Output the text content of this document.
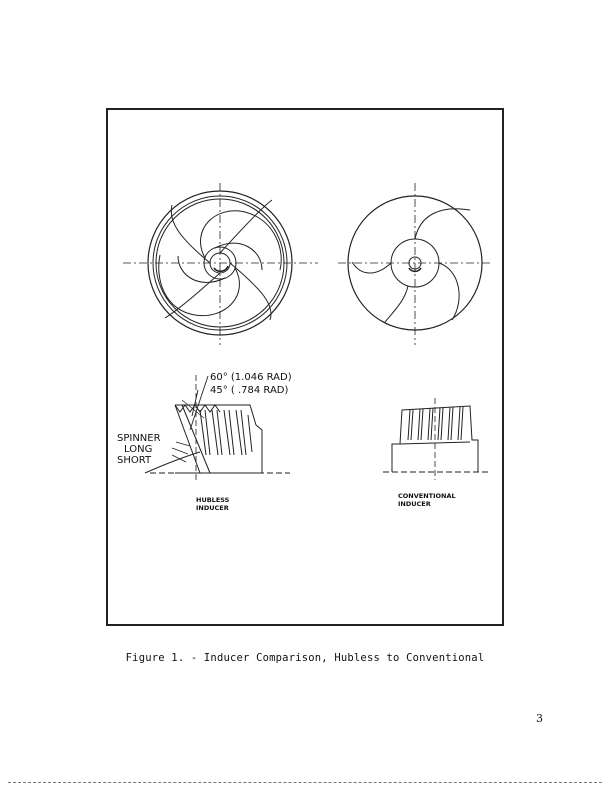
60° (1.046 RAD)
45° ( .784 RAD)
SPINNER
LONG
SHORT
HUBLESS
INDUCER
CONVENTIONAL
INDUCER
Figure 1. - Inducer Comparison, Hubless to Conventional
3
